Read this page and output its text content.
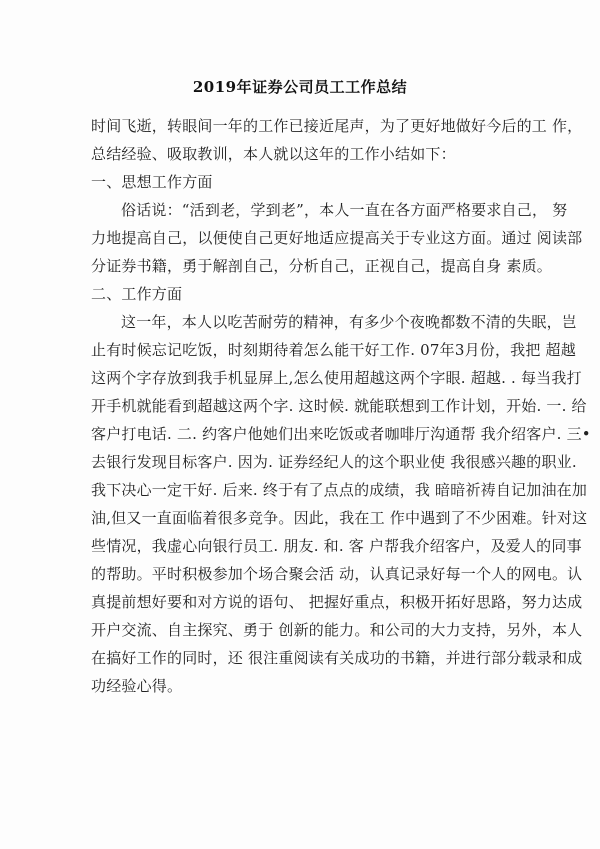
2019年证券公司员工工作总结
时间飞逝，转眼间一年的工作已接近尾声，为了更好地做好今后的工 作，
总结经验、吸取教训，本人就以这年的工作小结如下：
一、思想工作方面
俗话说：“活到老，学到老”，本人一直在各方面严格要求自己， 努
力地提高自己，以便使自己更好地适应提高关于专业这方面。通过 阅读部
分证券书籍，勇于解剖自己，分析自己，正视自己，提高自身 素质。
二、工作方面
这一年，本人以吃苦耐劳的精神，有多少个夜晚都数不清的失眠，岂
止有时候忘记吃饭，时刻期待着怎么能干好工作. 07年3月份，我把 超越
这两个字存放到我手机显屏上,怎么使用超越这两个字眼. 超越. . 每当我打
开手机就能看到超越这两个字. 这时候. 就能联想到工作计划，开始. 一. 给
客户打电话. 二. 约客户他她们出来吃饭或者咖啡厅沟通帮 我介绍客户. 三•
去银行发现目标客户. 因为. 证券经纪人的这个职业使 我很感兴趣的职业.
我下决心一定干好. 后来. 终于有了点点的成绩，我 暗暗祈祷自记加油在加
油,但又一直面临着很多竞争。因此，我在工 作中遇到了不少困难。针对这
些情况，我虚心向银行员工. 朋友. 和. 客 户帮我介绍客户，及爱人的同事
的帮助。平时积极参加个场合聚会活 动，认真记录好每一个人的网电。认
真提前想好要和对方说的语句、 把握好重点，积极开拓好思路，努力达成
开户交流、自主探究、勇于 创新的能力。和公司的大力支持，另外，本人
在搞好工作的同时，还 很注重阅读有关成功的书籍，并进行部分载录和成
功经验心得。
